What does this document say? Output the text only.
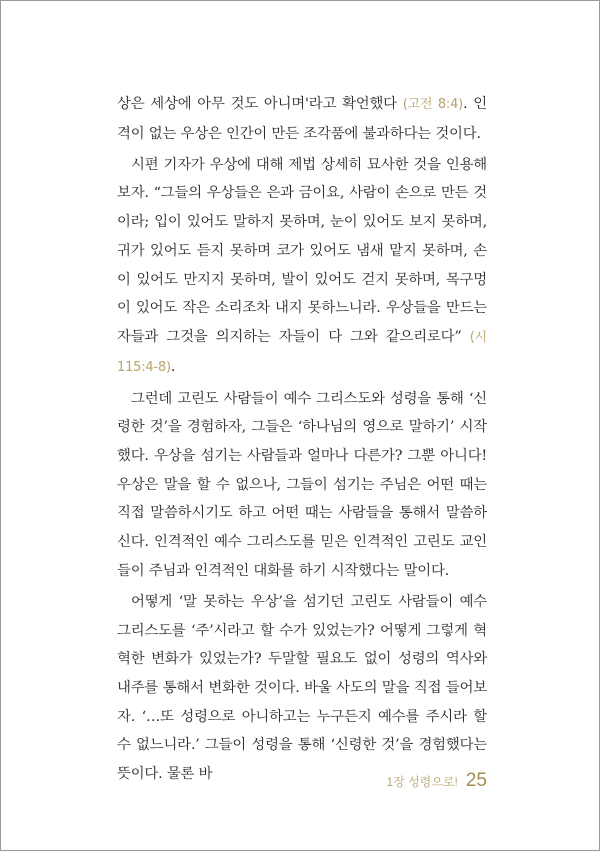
상은 세상에 아무 것도 아니며'라고 확언했다 (고전 8:4). 인격이 없는 우상은 인간이 만든 조각품에 불과하다는 것이다.

시편 기자가 우상에 대해 제법 상세히 묘사한 것을 인용해보자. “그들의 우상들은 은과 금이요, 사람이 손으로 만든 것이라; 입이 있어도 말하지 못하며, 눈이 있어도 보지 못하며, 귀가 있어도 듣지 못하며 코가 있어도 냄새 맡지 못하며, 손이 있어도 만지지 못하며, 발이 있어도 걷지 못하며, 목구멍이 있어도 작은 소리조차 내지 못하느니라. 우상들을 만드는 자들과 그것을 의지하는 자들이 다 그와 같으리로다” (시 115:4-8).

그런데 고린도 사람들이 예수 그리스도와 성령을 통해 ‘신령한 것’을 경험하자, 그들은 ‘하나님의 영으로 말하기’ 시작했다. 우상을 섬기는 사람들과 얼마나 다른가? 그뿐 아니다! 우상은 말을 할 수 없으나, 그들이 섬기는 주님은 어떤 때는 직접 말씀하시기도 하고 어떤 때는 사람들을 통해서 말씀하신다. 인격적인 예수 그리스도를 믿은 인격적인 고린도 교인들이 주님과 인격적인 대화를 하기 시작했다는 말이다.

어떻게 ‘말 못하는 우상’을 섬기던 고린도 사람들이 예수 그리스도를 ‘주’시라고 할 수가 있었는가? 어떻게 그렇게 혁혁한 변화가 있었는가? 두말할 필요도 없이 성령의 역사와 내주를 통해서 변화한 것이다. 바울 사도의 말을 직접 들어보자. ‘…또 성령으로 아니하고는 누구든지 예수를 주시라 할 수 없느니라.’ 그들이 성령을 통해 ‘신령한 것’을 경험했다는 뜻이다. 물론 바	1장 성령으로! 25
